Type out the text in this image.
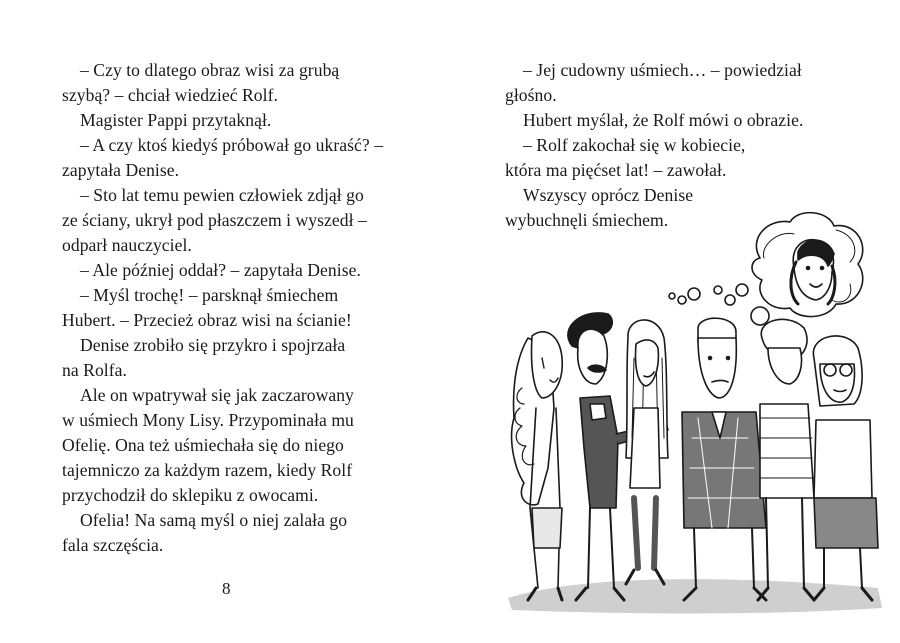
– Czy to dlatego obraz wisi za grubą
szybą? – chciał wiedzieć Rolf.
Magister Pappi przytaknął.
– A czy ktoś kiedyś próbował go ukraść? –
zapytała Denise.
– Sto lat temu pewien człowiek zdjął go
ze ściany, ukrył pod płaszczem i wyszedł –
odparł nauczyciel.
– Ale później oddał? – zapytała Denise.
– Myśl trochę! – parsknął śmiechem
Hubert. – Przecież obraz wisi na ścianie!
Denise zrobiło się przykro i spojrzała
na Rolfa.
Ale on wpatrywał się jak zaczarowany
w uśmiech Mony Lisy. Przypominała mu
Ofelię. Ona też uśmiechała się do niego
tajemniczo za każdym razem, kiedy Rolf
przychodził do sklepiku z owocami.
Ofelia! Na samą myśl o niej zalała go
fala szczęścia.
8
– Jej cudowny uśmiech… – powiedział
głośno.
Hubert myślał, że Rolf mówi o obrazie.
– Rolf zakochał się w kobiecie,
która ma pięćset lat! – zawołał.
Wszyscy oprócz Denise
wybuchnęli śmiechem.
